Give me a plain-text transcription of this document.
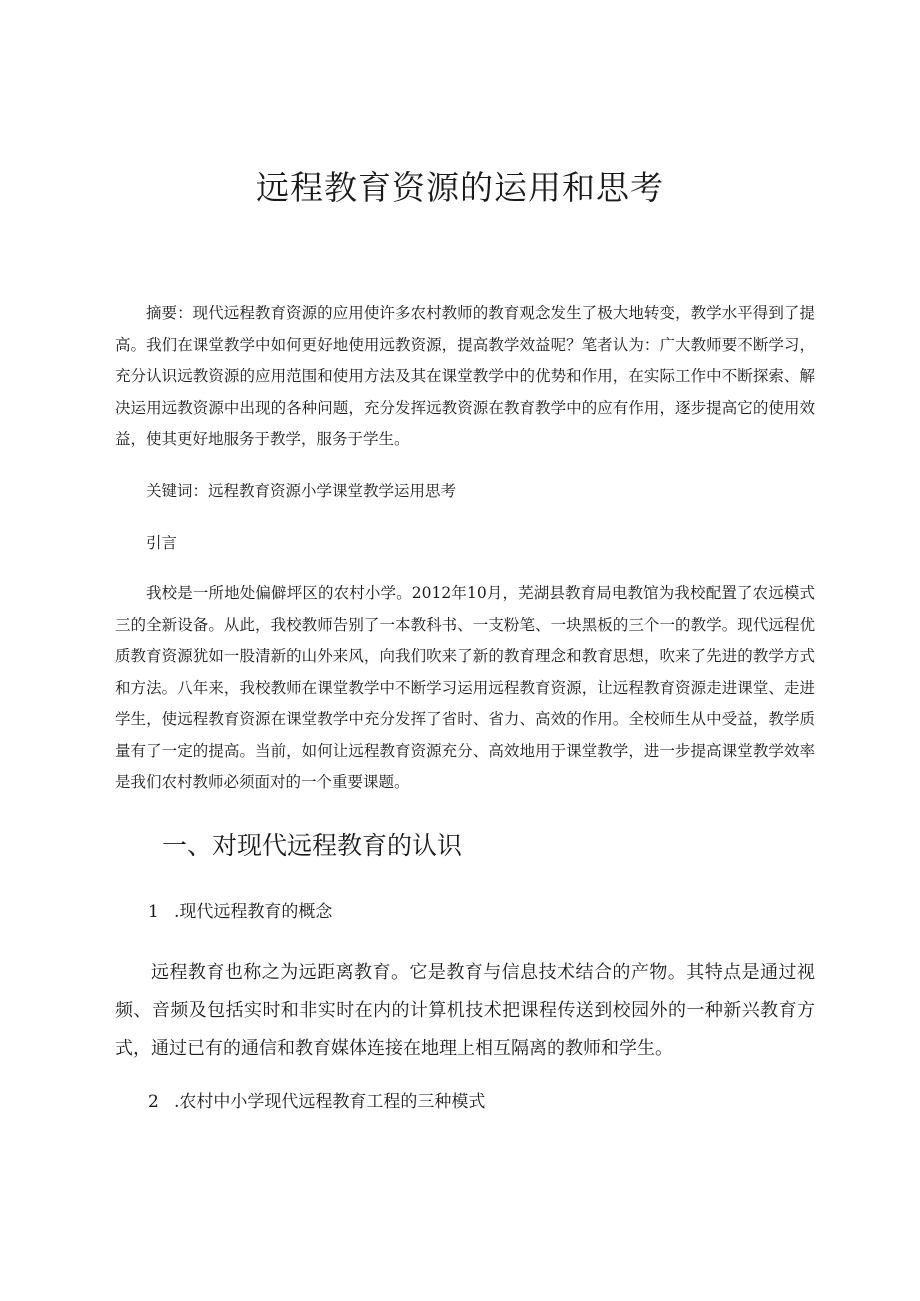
远程教育资源的运用和思考

摘要：现代远程教育资源的应用使许多农村教师的教育观念发生了极大地转变，教学水平得到了提高。我们在课堂教学中如何更好地使用远教资源，提高教学效益呢？笔者认为：广大教师要不断学习，充分认识远教资源的应用范围和使用方法及其在课堂教学中的优势和作用，在实际工作中不断探索、解决运用远教资源中出现的各种问题，充分发挥远教资源在教育教学中的应有作用，逐步提高它的使用效益，使其更好地服务于教学，服务于学生。

关键词：远程教育资源小学课堂教学运用思考

引言

我校是一所地处偏僻坪区的农村小学。2012年10月，芜湖县教育局电教馆为我校配置了农远模式三的全新设备。从此，我校教师告别了一本教科书、一支粉笔、一块黑板的三个一的教学。现代远程优质教育资源犹如一股清新的山外来风，向我们吹来了新的教育理念和教育思想，吹来了先进的教学方式和方法。八年来，我校教师在课堂教学中不断学习运用远程教育资源，让远程教育资源走进课堂、走进学生，使远程教育资源在课堂教学中充分发挥了省时、省力、高效的作用。全校师生从中受益，教学质量有了一定的提高。当前，如何让远程教育资源充分、高效地用于课堂教学，进一步提高课堂教学效率是我们农村教师必须面对的一个重要课题。

一、对现代远程教育的认识
1 .现代远程教育的概念

远程教育也称之为远距离教育。它是教育与信息技术结合的产物。其特点是通过视频、音频及包括实时和非实时在内的计算机技术把课程传送到校园外的一种新兴教育方式，通过已有的通信和教育媒体连接在地理上相互隔离的教师和学生。

2 .农村中小学现代远程教育工程的三种模式
